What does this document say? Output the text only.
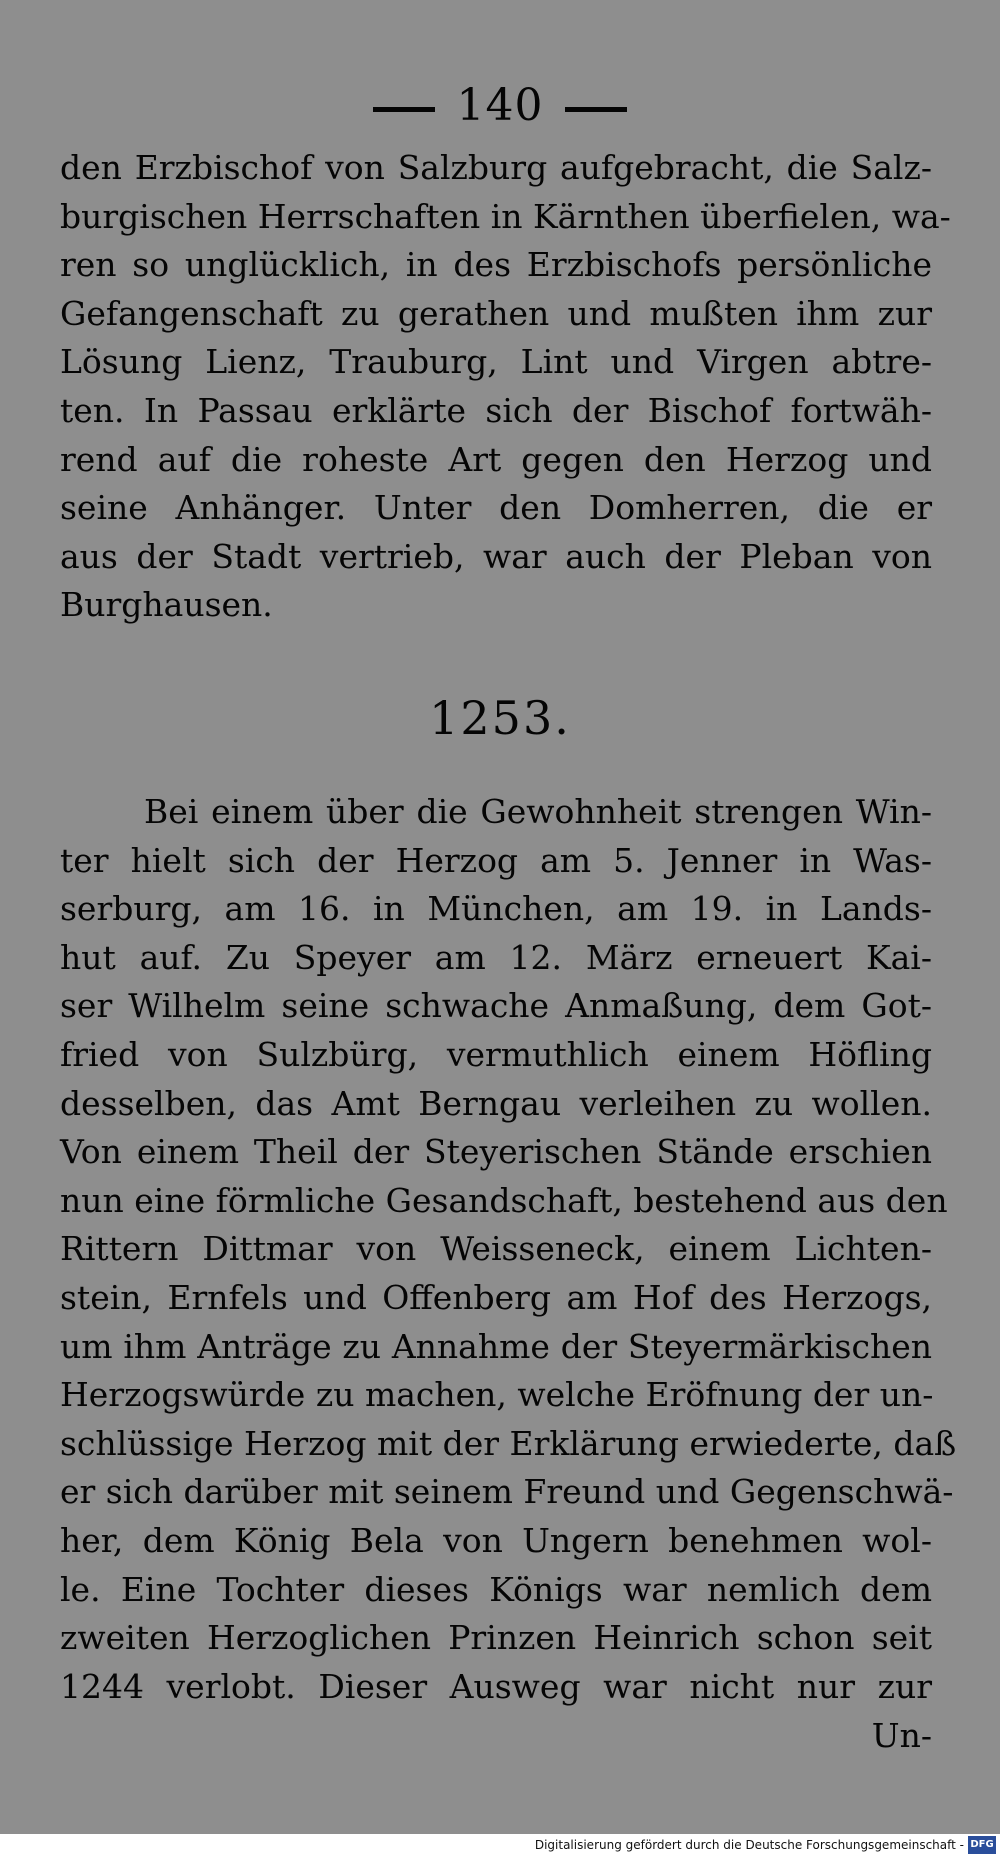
140
den Erzbischof von Salzburg aufgebracht, die Salz-
burgischen Herrschaften in Kärnthen überfielen, wa-
ren so unglücklich, in des Erzbischofs persönliche
Gefangenschaft zu gerathen und mußten ihm zur
Lösung Lienz, Trauburg, Lint und Virgen abtre-
ten. In Passau erklärte sich der Bischof fortwäh-
rend auf die roheste Art gegen den Herzog und
seine Anhänger. Unter den Domherren, die er
aus der Stadt vertrieb, war auch der Pleban von
Burghausen.
1253.
Bei einem über die Gewohnheit strengen Win-
ter hielt sich der Herzog am 5. Jenner in Was-
serburg, am 16. in München, am 19. in Lands-
hut auf. Zu Speyer am 12. März erneuert Kai-
ser Wilhelm seine schwache Anmaßung, dem Got-
fried von Sulzbürg, vermuthlich einem Höfling
desselben, das Amt Berngau verleihen zu wollen.
Von einem Theil der Steyerischen Stände erschien
nun eine förmliche Gesandschaft, bestehend aus den
Rittern Dittmar von Weissenеck, einem Lichten-
stein, Ernfels und Offenberg am Hof des Herzogs,
um ihm Anträge zu Annahme der Steyermärkischen
Herzogswürde zu machen, welche Eröfnung der un-
schlüssige Herzog mit der Erklärung erwiederte, daß
er sich darüber mit seinem Freund und Gegenschwä-
her, dem König Bela von Ungern benehmen wol-
le. Eine Tochter dieses Königs war nemlich dem
zweiten Herzoglichen Prinzen Heinrich schon seit
1244 verlobt. Dieser Ausweg war nicht nur zur
Un-
Digitalisierung gefördert durch die Deutsche Forschungsgemeinschaft - DFG
